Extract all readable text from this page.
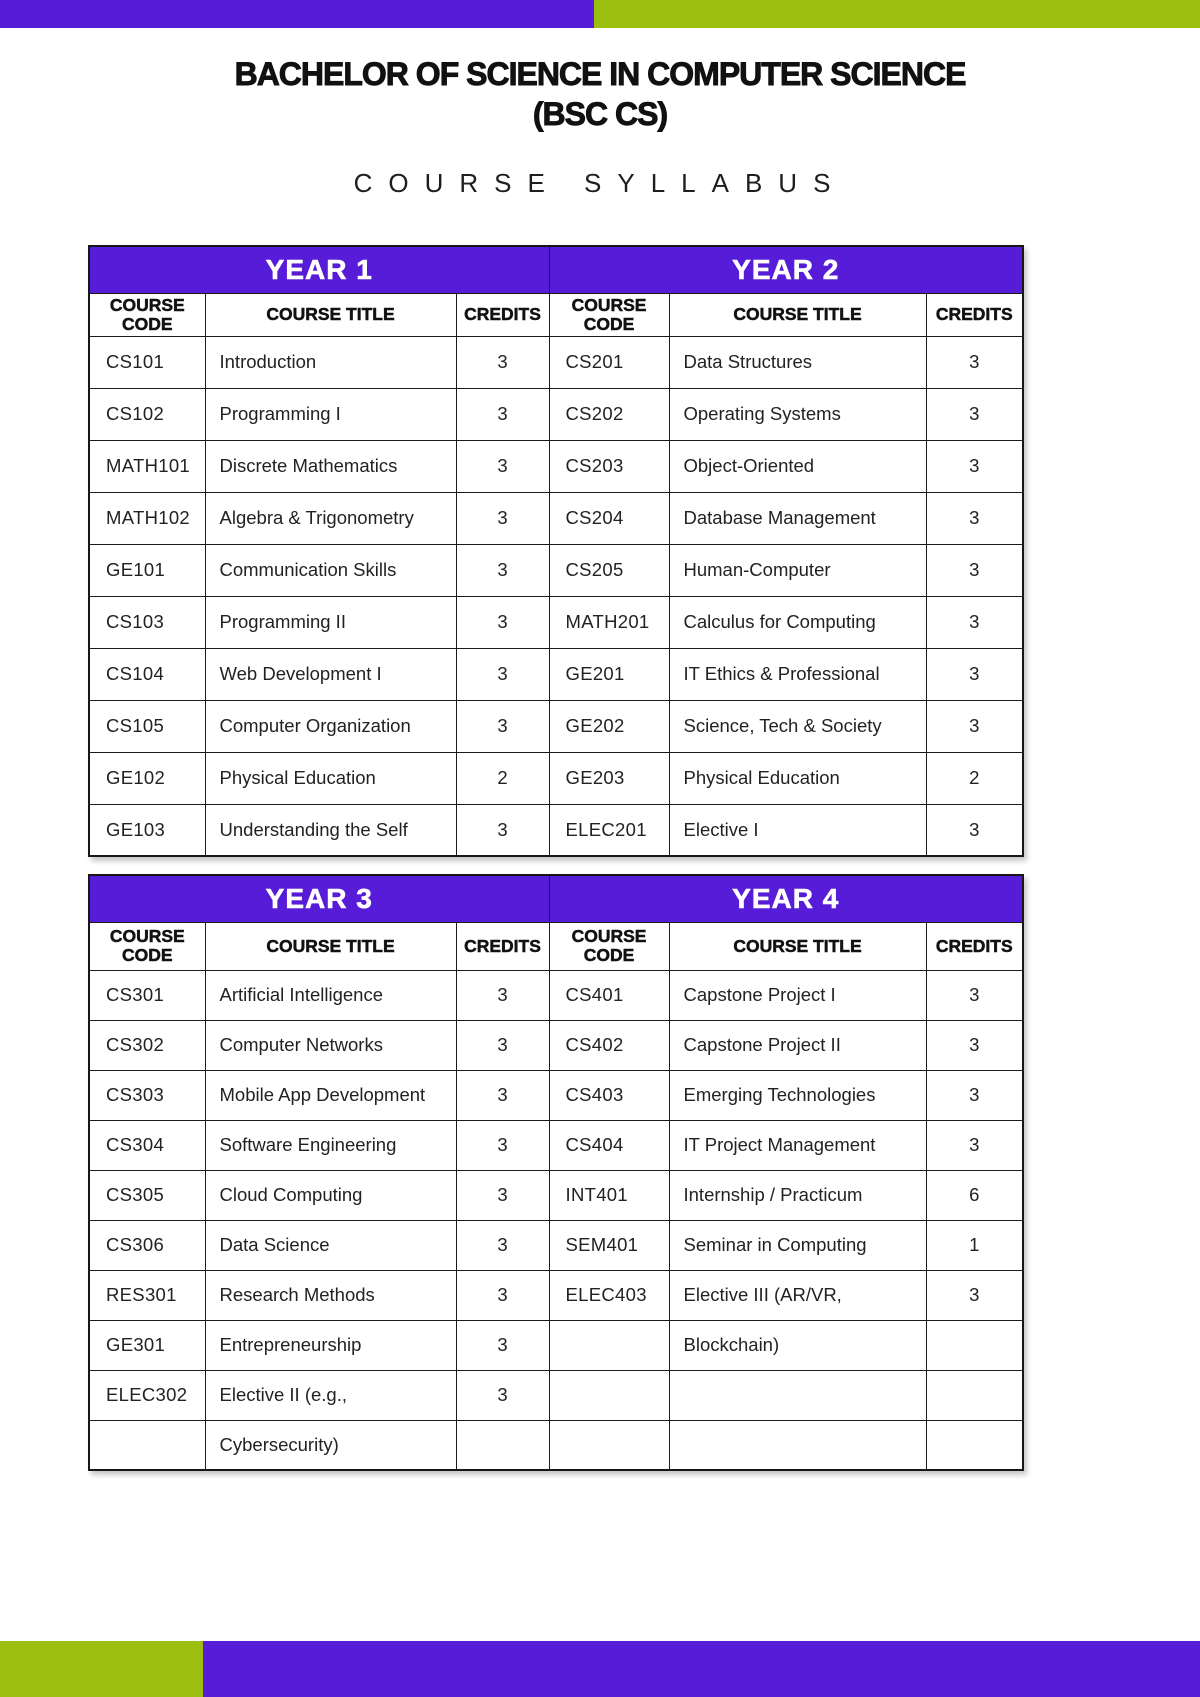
BACHELOR OF SCIENCE IN COMPUTER SCIENCE
(BSC CS)
COURSE SYLLABUS
YEAR 1			YEAR 2		
COURSE CODE	COURSE TITLE	CREDITS	COURSE CODE	COURSE TITLE	CREDITS
CS101	Introduction	3	CS201	Data Structures	3
CS102	Programming I	3	CS202	Operating Systems	3
MATH101	Discrete Mathematics	3	CS203	Object-Oriented	3
MATH102	Algebra & Trigonometry	3	CS204	Database Management	3
GE101	Communication Skills	3	CS205	Human-Computer	3
CS103	Programming II	3	MATH201	Calculus for Computing	3
CS104	Web Development I	3	GE201	IT Ethics & Professional	3
CS105	Computer Organization	3	GE202	Science, Tech & Society	3
GE102	Physical Education	2	GE203	Physical Education	2
GE103	Understanding the Self	3	ELEC201	Elective I	3
YEAR 3			YEAR 4		
COURSE CODE	COURSE TITLE	CREDITS	COURSE CODE	COURSE TITLE	CREDITS
CS301	Artificial Intelligence	3	CS401	Capstone Project I	3
CS302	Computer Networks	3	CS402	Capstone Project II	3
CS303	Mobile App Development	3	CS403	Emerging Technologies	3
CS304	Software Engineering	3	CS404	IT Project Management	3
CS305	Cloud Computing	3	INT401	Internship / Practicum	6
CS306	Data Science	3	SEM401	Seminar in Computing	1
RES301	Research Methods	3	ELEC403	Elective III (AR/VR,	3
GE301	Entrepreneurship	3		Blockchain)	
ELEC302	Elective II (e.g.,	3			
	Cybersecurity)				
